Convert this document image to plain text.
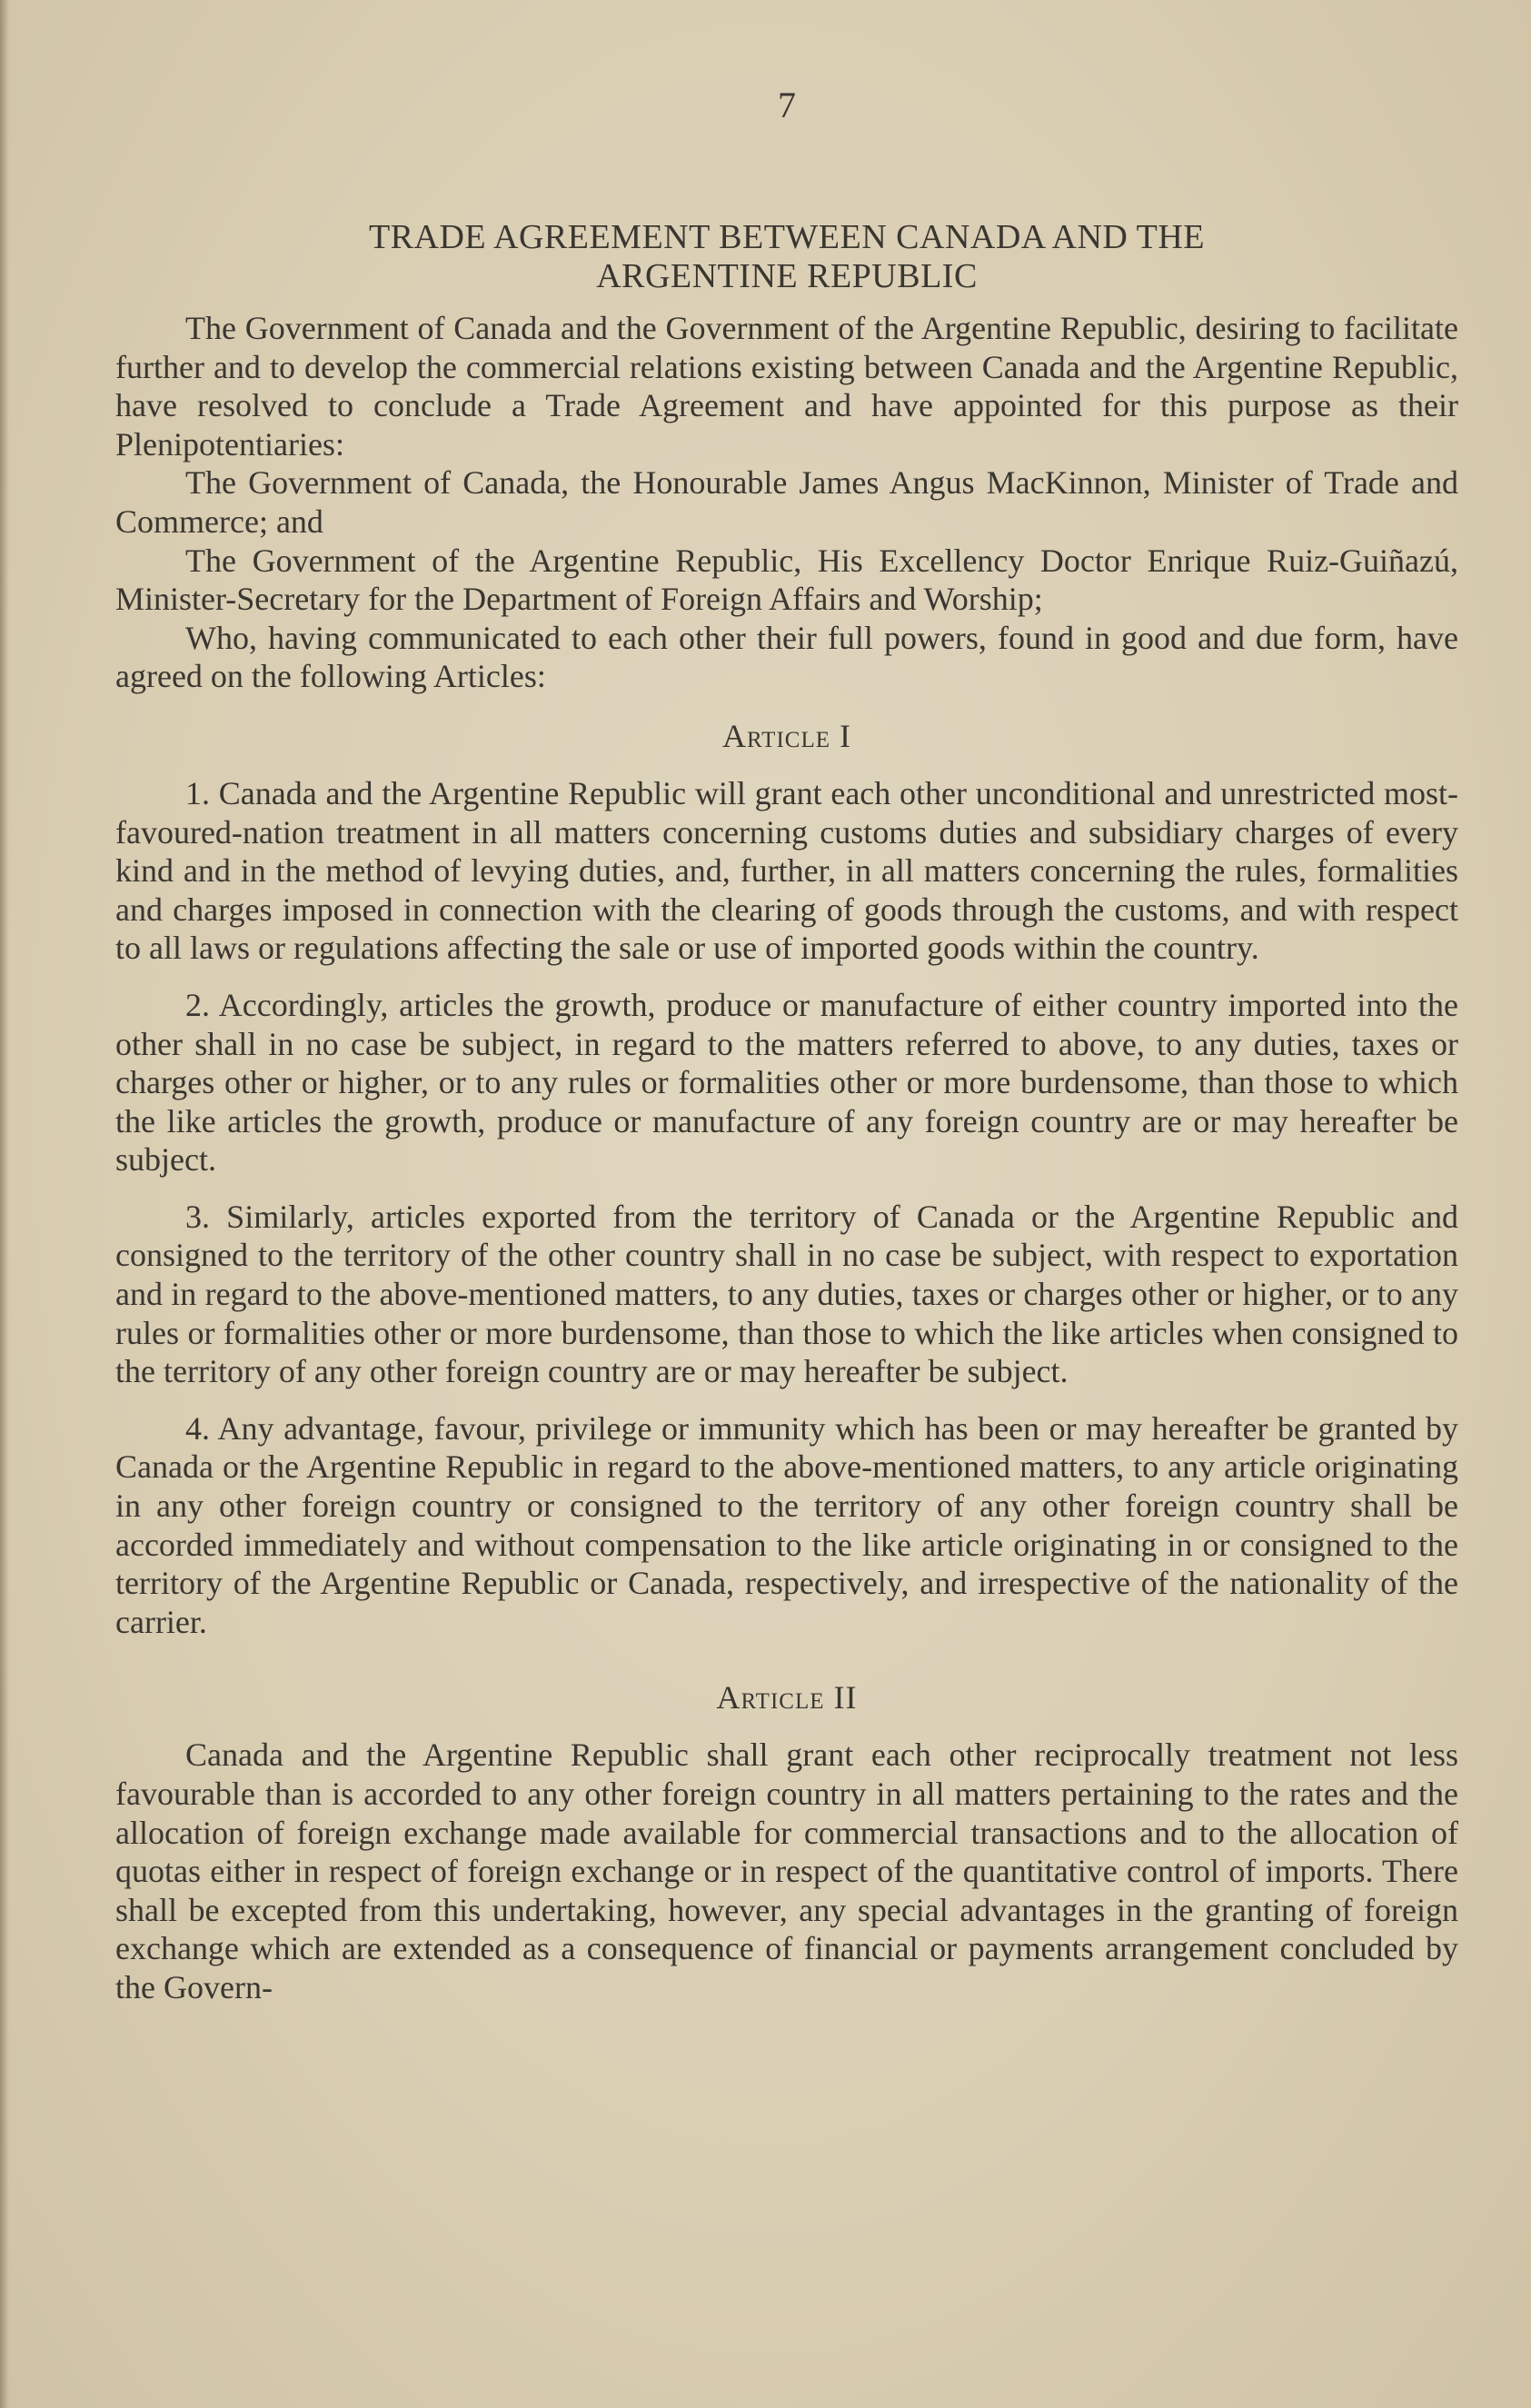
7
TRADE AGREEMENT BETWEEN CANADA AND THE
ARGENTINE REPUBLIC

The Government of Canada and the Government of the Argentine Republic, desiring to facilitate further and to develop the commercial relations existing between Canada and the Argentine Republic, have resolved to conclude a Trade Agreement and have appointed for this purpose as their Plenipotentiaries:

The Government of Canada, the Honourable James Angus MacKinnon, Minister of Trade and Commerce; and

The Government of the Argentine Republic, His Excellency Doctor Enrique Ruiz-Guiñazú, Minister-Secretary for the Department of Foreign Affairs and Worship;

Who, having communicated to each other their full powers, found in good and due form, have agreed on the following Articles:

Article I

1. Canada and the Argentine Republic will grant each other unconditional and unrestricted most-favoured-nation treatment in all matters concerning customs duties and subsidiary charges of every kind and in the method of levying duties, and, further, in all matters concerning the rules, formalities and charges imposed in connection with the clearing of goods through the customs, and with respect to all laws or regulations affecting the sale or use of imported goods within the country.

2. Accordingly, articles the growth, produce or manufacture of either country imported into the other shall in no case be subject, in regard to the matters referred to above, to any duties, taxes or charges other or higher, or to any rules or formalities other or more burdensome, than those to which the like articles the growth, produce or manufacture of any foreign country are or may hereafter be subject.

3. Similarly, articles exported from the territory of Canada or the Argentine Republic and consigned to the territory of the other country shall in no case be subject, with respect to exportation and in regard to the above-mentioned matters, to any duties, taxes or charges other or higher, or to any rules or formalities other or more burdensome, than those to which the like articles when consigned to the territory of any other foreign country are or may hereafter be subject.

4. Any advantage, favour, privilege or immunity which has been or may hereafter be granted by Canada or the Argentine Republic in regard to the above-mentioned matters, to any article originating in any other foreign country or consigned to the territory of any other foreign country shall be accorded immediately and without compensation to the like article originating in or consigned to the territory of the Argentine Republic or Canada, respectively, and irrespective of the nationality of the carrier.

Article II

Canada and the Argentine Republic shall grant each other reciprocally treatment not less favourable than is accorded to any other foreign country in all matters pertaining to the rates and the allocation of foreign exchange made available for commercial transactions and to the allocation of quotas either in respect of foreign exchange or in respect of the quantitative control of imports. There shall be excepted from this undertaking, however, any special advantages in the granting of foreign exchange which are extended as a consequence of financial or payments arrangement concluded by the Govern-
